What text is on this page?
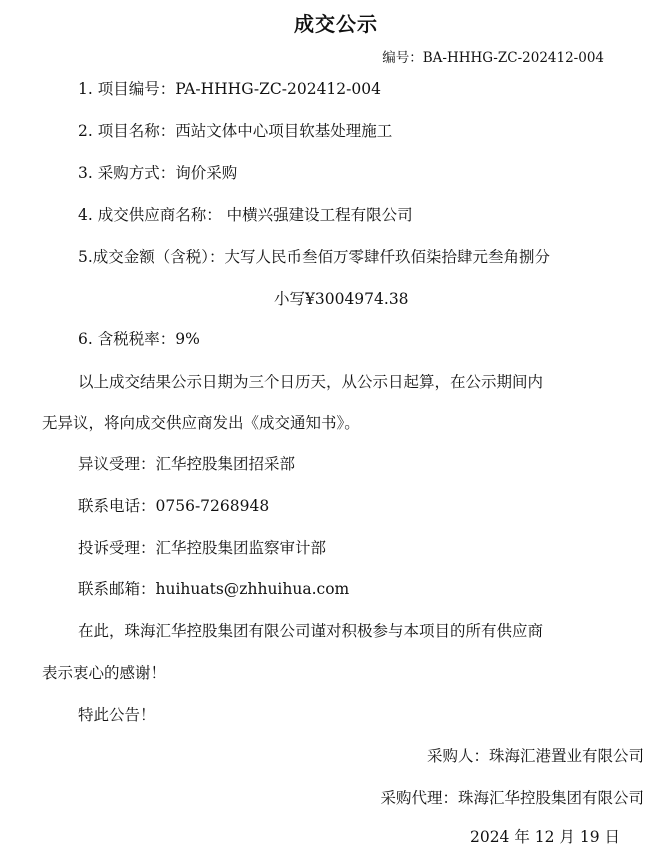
成交公示
编号：BA-HHHG-ZC-202412-004
1. 项目编号：PA-HHHG-ZC-202412-004
2. 项目名称：西站文体中心项目软基处理施工
3. 采购方式：询价采购
4. 成交供应商名称： 中横兴强建设工程有限公司
5.成交金额（含税）：大写人民币叁佰万零肆仟玖佰柒拾肆元叁角捌分
小写¥3004974.38
6. 含税税率：9%
以上成交结果公示日期为三个日历天，从公示日起算，在公示期间内
无异议，将向成交供应商发出《成交通知书》。
异议受理：汇华控股集团招采部
联系电话：0756-7268948
投诉受理：汇华控股集团监察审计部
联系邮箱：huihuats@zhhuihua.com
在此，珠海汇华控股集团有限公司谨对积极参与本项目的所有供应商
表示衷心的感谢！
特此公告！
采购人：珠海汇港置业有限公司
采购代理：珠海汇华控股集团有限公司
2024 年 12 月 19 日
